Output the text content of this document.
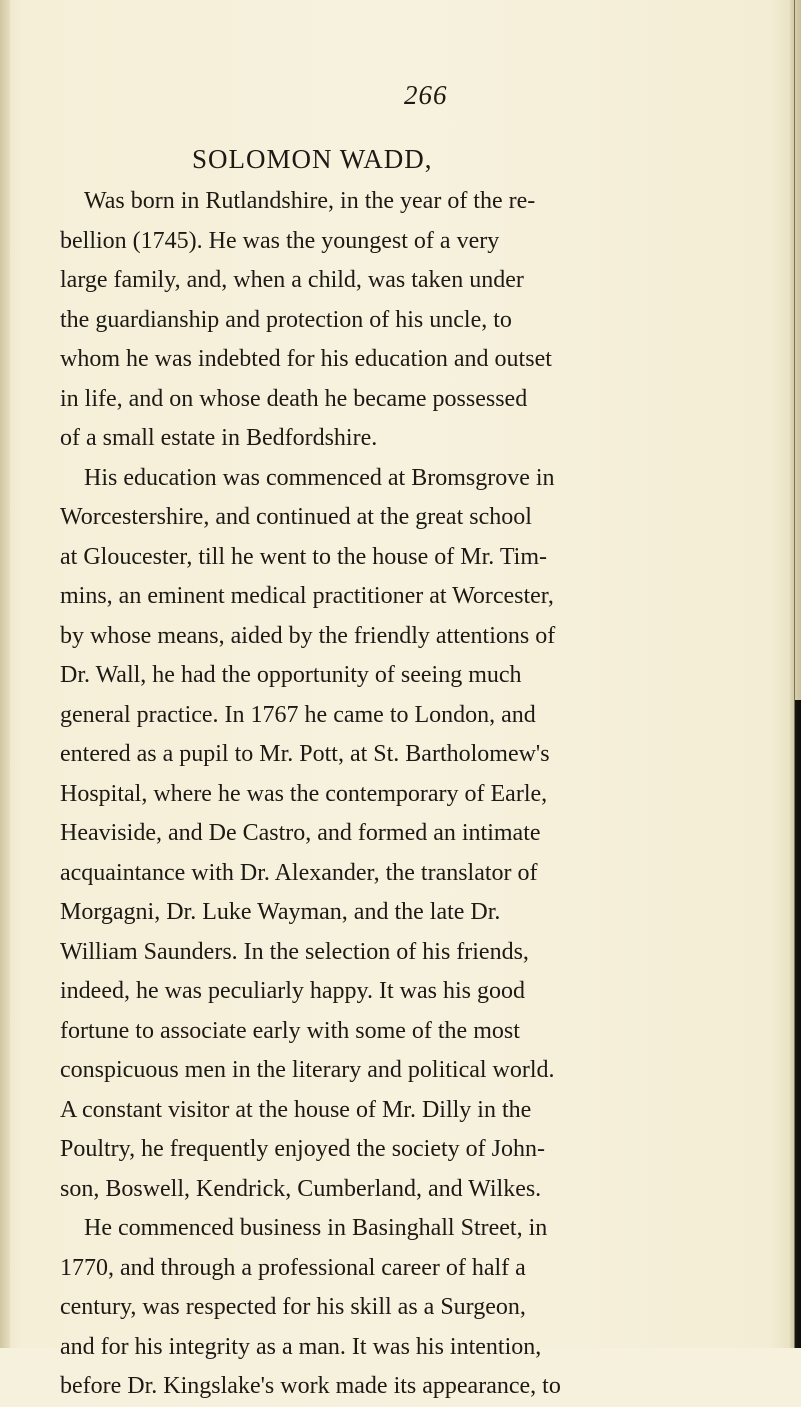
266
SOLOMON WADD,
Was born in Rutlandshire, in the year of the re-
bellion (1745). He was the youngest of a very
large family, and, when a child, was taken under
the guardianship and protection of his uncle, to
whom he was indebted for his education and outset
in life, and on whose death he became possessed
of a small estate in Bedfordshire.
His education was commenced at Bromsgrove in
Worcestershire, and continued at the great school
at Gloucester, till he went to the house of Mr. Tim-
mins, an eminent medical practitioner at Worcester,
by whose means, aided by the friendly attentions of
Dr. Wall, he had the opportunity of seeing much
general practice. In 1767 he came to London, and
entered as a pupil to Mr. Pott, at St. Bartholomew's
Hospital, where he was the contemporary of Earle,
Heaviside, and De Castro, and formed an intimate
acquaintance with Dr. Alexander, the translator of
Morgagni, Dr. Luke Wayman, and the late Dr.
William Saunders. In the selection of his friends,
indeed, he was peculiarly happy. It was his good
fortune to associate early with some of the most
conspicuous men in the literary and political world.
A constant visitor at the house of Mr. Dilly in the
Poultry, he frequently enjoyed the society of John-
son, Boswell, Kendrick, Cumberland, and Wilkes.
He commenced business in Basinghall Street, in
1770, and through a professional career of half a
century, was respected for his skill as a Surgeon,
and for his integrity as a man. It was his intention,
before Dr. Kingslake's work made its appearance, to
